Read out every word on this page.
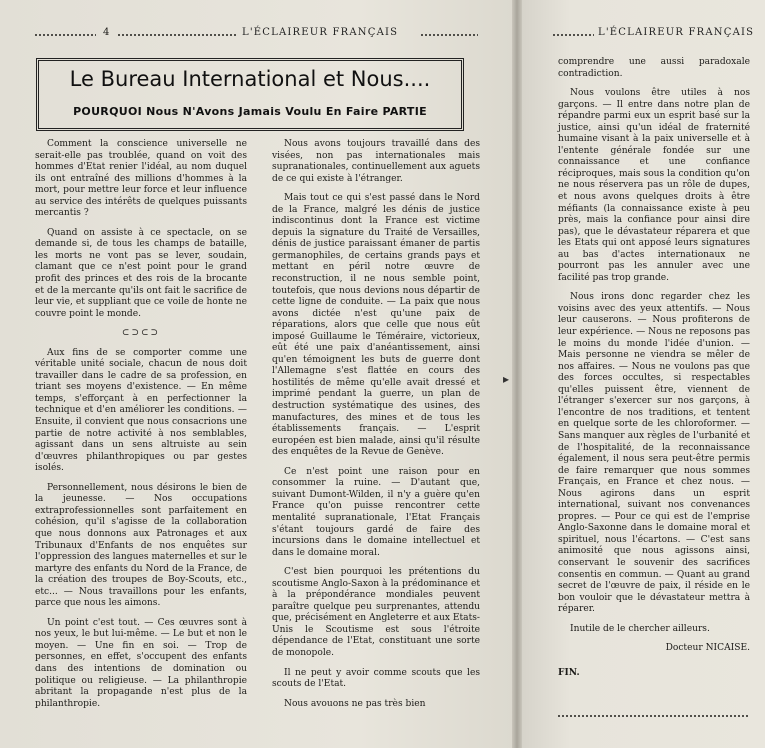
4	L'ÉCLAIREUR FRANÇAIS	L'ÉCLAIREUR FRANÇAIS
Le Bureau International et Nous....
POURQUOI Nous N'Avons Jamais Voulu En Faire PARTIE

Comment la conscience universelle ne serait-elle pas troublée, quand on voit des hommes d'Etat renier l'idéal, au nom duquel ils ont entraîné des millions d'hommes à la mort, pour mettre leur force et leur influence au service des intérêts de quelques puissants mercantis ?

Quand on assiste à ce spectacle, on se demande si, de tous les champs de bataille, les morts ne vont pas se lever, soudain, clamant que ce n'est point pour le grand profit des princes et des rois de la brocante et de la mercante qu'ils ont fait le sacrifice de leur vie, et suppliant que ce voile de honte ne couvre point le monde.

⊂⊃⊂⊃

Aux fins de se comporter comme une véritable unité sociale, chacun de nous doit travailler dans le cadre de sa profession, en triant ses moyens d'existence. — En même temps, s'efforçant à en perfectionner la technique et d'en améliorer les conditions. — Ensuite, il convient que nous consacrions une partie de notre activité à nos semblables, agissant dans un sens altruiste au sein d'œuvres philanthropiques ou par gestes isolés.

Personnellement, nous désirons le bien de la jeunesse. — Nos occupations extraprofessionnelles sont parfaitement en cohésion, qu'il s'agisse de la collaboration que nous donnons aux Patronages et aux Tribunaux d'Enfants de nos enquêtes sur l'oppression des langues maternelles et sur le martyre des enfants du Nord de la France, de la création des troupes de Boy-Scouts, etc., etc... — Nous travaillons pour les enfants, parce que nous les aimons.

Un point c'est tout. — Ces œuvres sont à nos yeux, le but lui-même. — Le but et non le moyen. — Une fin en soi. — Trop de personnes, en effet, s'occupent des enfants dans des intentions de domination ou politique ou religieuse. — La philanthropie abritant la propagande n'est plus de la philanthropie.

Nous avons toujours travaillé dans des visées, non pas internationales mais supranationales, continuellement aux aguets de ce qui existe à l'étranger.

Mais tout ce qui s'est passé dans le Nord de la France, malgré les dénis de justice indiscontinus dont la France est victime depuis la signature du Traité de Versailles, dénis de justice paraissant émaner de partis germanophiles, de certains grands pays et mettant en péril notre œuvre de reconstruction, il ne nous semble point, toutefois, que nous devions nous départir de cette ligne de conduite. — La paix que nous avons dictée n'est qu'une paix de réparations, alors que celle que nous eût imposé Guillaume le Téméraire, victorieux, eût été une paix d'anéantissement, ainsi qu'en témoignent les buts de guerre dont l'Allemagne s'est flattée en cours des hostilités de même qu'elle avait dressé et imprimé pendant la guerre, un plan de destruction systématique des usines, des manufactures, des mines et de tous les établissements français. — L'esprit européen est bien malade, ainsi qu'il résulte des enquêtes de la Revue de Genève.

Ce n'est point une raison pour en consommer la ruine. — D'autant que, suivant Dumont-Wilden, il n'y a guère qu'en France qu'on puisse rencontrer cette mentalité supranationale, l'Etat Français s'étant toujours gardé de faire des incursions dans le domaine intellectuel et dans le domaine moral.

C'est bien pourquoi les prétentions du scoutisme Anglo-Saxon à la prédominance et à la prépondérance mondiales peuvent paraître quelque peu surprenantes, attendu que, précisément en Angleterre et aux Etats-Unis le Scoutisme est sous l'étroite dépendance de l'Etat, constituant une sorte de monopole.

Il ne peut y avoir comme scouts que les scouts de l'Etat.

Nous avouons ne pas très bien

▸

comprendre une aussi paradoxale contradiction.

Nous voulons être utiles à nos garçons. — Il entre dans notre plan de répandre parmi eux un esprit basé sur la justice, ainsi qu'un idéal de fraternité humaine visant à la paix universelle et à l'entente générale fondée sur une connaissance et une confiance réciproques, mais sous la condition qu'on ne nous réservera pas un rôle de dupes, et nous avons quelques droits à être méfiants (la connaissance existe à peu près, mais la confiance pour ainsi dire pas), que le dévastateur réparera et que les Etats qui ont apposé leurs signatures au bas d'actes internationaux ne pourront pas les annuler avec une facilité pas trop grande.

Nous irons donc regarder chez les voisins avec des yeux attentifs. — Nous leur causerons. — Nous profiterons de leur expérience. — Nous ne reposons pas le moins du monde l'idée d'union. — Mais personne ne viendra se mêler de nos affaires. — Nous ne voulons pas que des forces occultes, si respectables qu'elles puissent être, viennent de l'étranger s'exercer sur nos garçons, à l'encontre de nos traditions, et tentent en quelque sorte de les chloroformer. — Sans manquer aux règles de l'urbanité et de l'hospitalité, de la reconnaissance également, il nous sera peut-être permis de faire remarquer que nous sommes Français, en France et chez nous. — Nous agirons dans un esprit international, suivant nos convenances propres. — Pour ce qui est de l'emprise Anglo-Saxonne dans le domaine moral et spirituel, nous l'écartons. — C'est sans animosité que nous agissons ainsi, conservant le souvenir des sacrifices consentis en commun. — Quant au grand secret de l'œuvre de paix, il réside en le bon vouloir que le dévastateur mettra à réparer.

Inutile de le chercher ailleurs.

Docteur NICAISE.

FIN.
